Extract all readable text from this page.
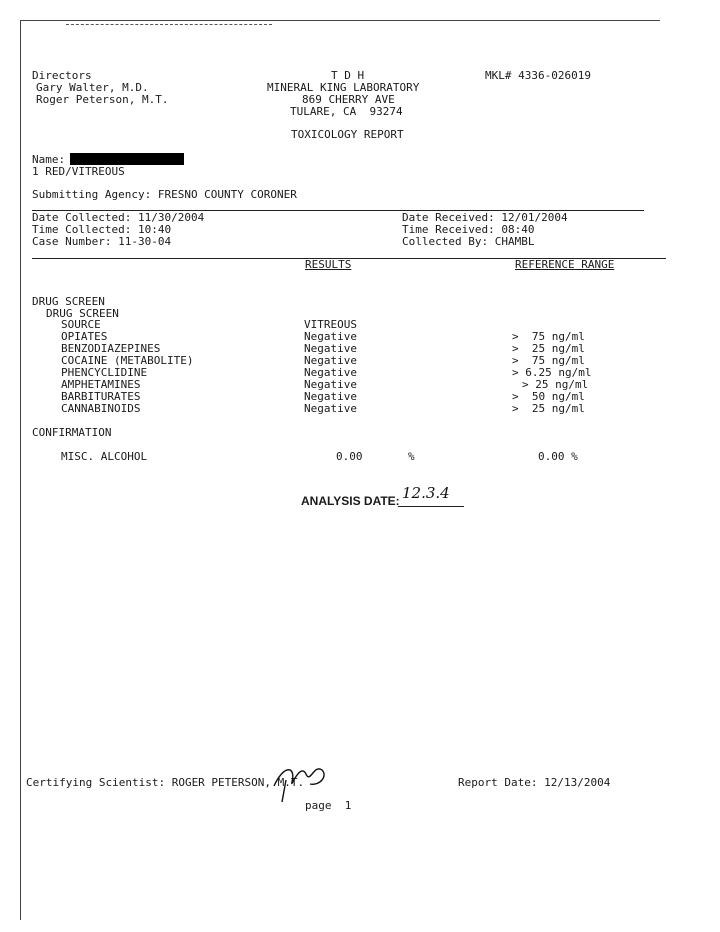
Directors
Gary Walter, M.D.
Roger Peterson, M.T.
T D H
MINERAL KING LABORATORY
869 CHERRY AVE
TULARE, CA  93274
TOXICOLOGY REPORT
MKL# 4336-026019
Name:
1 RED/VITREOUS
Submitting Agency: FRESNO COUNTY CORONER
Date Collected: 11/30/2004
Time Collected: 10:40
Case Number: 11-30-04
Date Received: 12/01/2004
Time Received: 08:40
Collected By: CHAMBL
RESULTS	REFERENCE RANGE
DRUG SCREEN
DRUG SCREEN
SOURCE	VITREOUS
OPIATES	Negative	>  75 ng/ml
BENZODIAZEPINES	Negative	>  25 ng/ml
COCAINE (METABOLITE)	Negative	>  75 ng/ml
PHENCYCLIDINE	Negative	> 6.25 ng/ml
AMPHETAMINES	Negative	> 25 ng/ml
BARBITURATES	Negative	>  50 ng/ml
CANNABINOIDS	Negative	>  25 ng/ml
CONFIRMATION
MISC. ALCOHOL	0.00	%	0.00 %
ANALYSIS DATE: 12.3.4
Certifying Scientist: ROGER PETERSON, M.T.	Report Date: 12/13/2004
page  1
